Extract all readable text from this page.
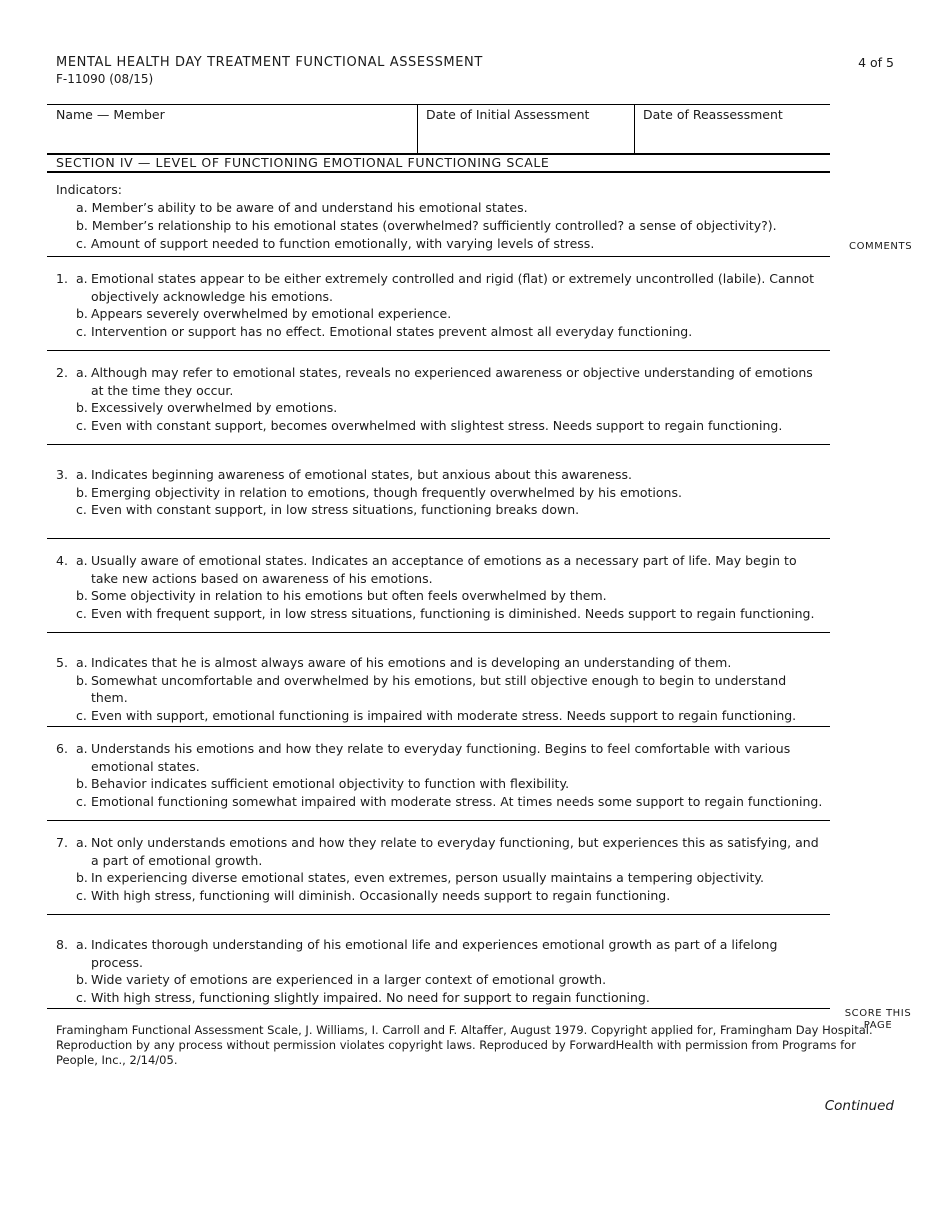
MENTAL HEALTH DAY TREATMENT FUNCTIONAL ASSESSMENT
F-11090 (08/15)
4 of 5
Name — Member	Date of Initial Assessment	Date of Reassessment
SECTION IV — LEVEL OF FUNCTIONING EMOTIONAL FUNCTIONING SCALE
Indicators:
a. Member’s ability to be aware of and understand his emotional states.
b. Member’s relationship to his emotional states (overwhelmed? sufficiently controlled? a sense of objectivity?).
c. Amount of support needed to function emotionally, with varying levels of stress.	COMMENTS
1. a. Emotional states appear to be either extremely controlled and rigid (flat) or extremely uncontrolled (labile). Cannot objectively acknowledge his emotions.
b. Appears severely overwhelmed by emotional experience.
c. Intervention or support has no effect. Emotional states prevent almost all everyday functioning.
2. a. Although may refer to emotional states, reveals no experienced awareness or objective understanding of emotions at the time they occur.
b. Excessively overwhelmed by emotions.
c. Even with constant support, becomes overwhelmed with slightest stress. Needs support to regain functioning.
3. a. Indicates beginning awareness of emotional states, but anxious about this awareness.
b. Emerging objectivity in relation to emotions, though frequently overwhelmed by his emotions.
c. Even with constant support, in low stress situations, functioning breaks down.
4. a. Usually aware of emotional states. Indicates an acceptance of emotions as a necessary part of life. May begin to take new actions based on awareness of his emotions.
b. Some objectivity in relation to his emotions but often feels overwhelmed by them.
c. Even with frequent support, in low stress situations, functioning is diminished. Needs support to regain functioning.
5. a. Indicates that he is almost always aware of his emotions and is developing an understanding of them.
b. Somewhat uncomfortable and overwhelmed by his emotions, but still objective enough to begin to understand them.
c. Even with support, emotional functioning is impaired with moderate stress. Needs support to regain functioning.
6. a. Understands his emotions and how they relate to everyday functioning. Begins to feel comfortable with various emotional states.
b. Behavior indicates sufficient emotional objectivity to function with flexibility.
c. Emotional functioning somewhat impaired with moderate stress. At times needs some support to regain functioning.
7. a. Not only understands emotions and how they relate to everyday functioning, but experiences this as satisfying, and a part of emotional growth.
b. In experiencing diverse emotional states, even extremes, person usually maintains a tempering objectivity.
c. With high stress, functioning will diminish. Occasionally needs support to regain functioning.
8. a. Indicates thorough understanding of his emotional life and experiences emotional growth as part of a lifelong process.
b. Wide variety of emotions are experienced in a larger context of emotional growth.
c. With high stress, functioning slightly impaired. No need for support to regain functioning.
SCORE THIS PAGE
Framingham Functional Assessment Scale, J. Williams, I. Carroll and F. Altaffer, August 1979. Copyright applied for, Framingham Day Hospital. Reproduction by any process without permission violates copyright laws. Reproduced by ForwardHealth with permission from Programs for People, Inc., 2/14/05.
Continued
